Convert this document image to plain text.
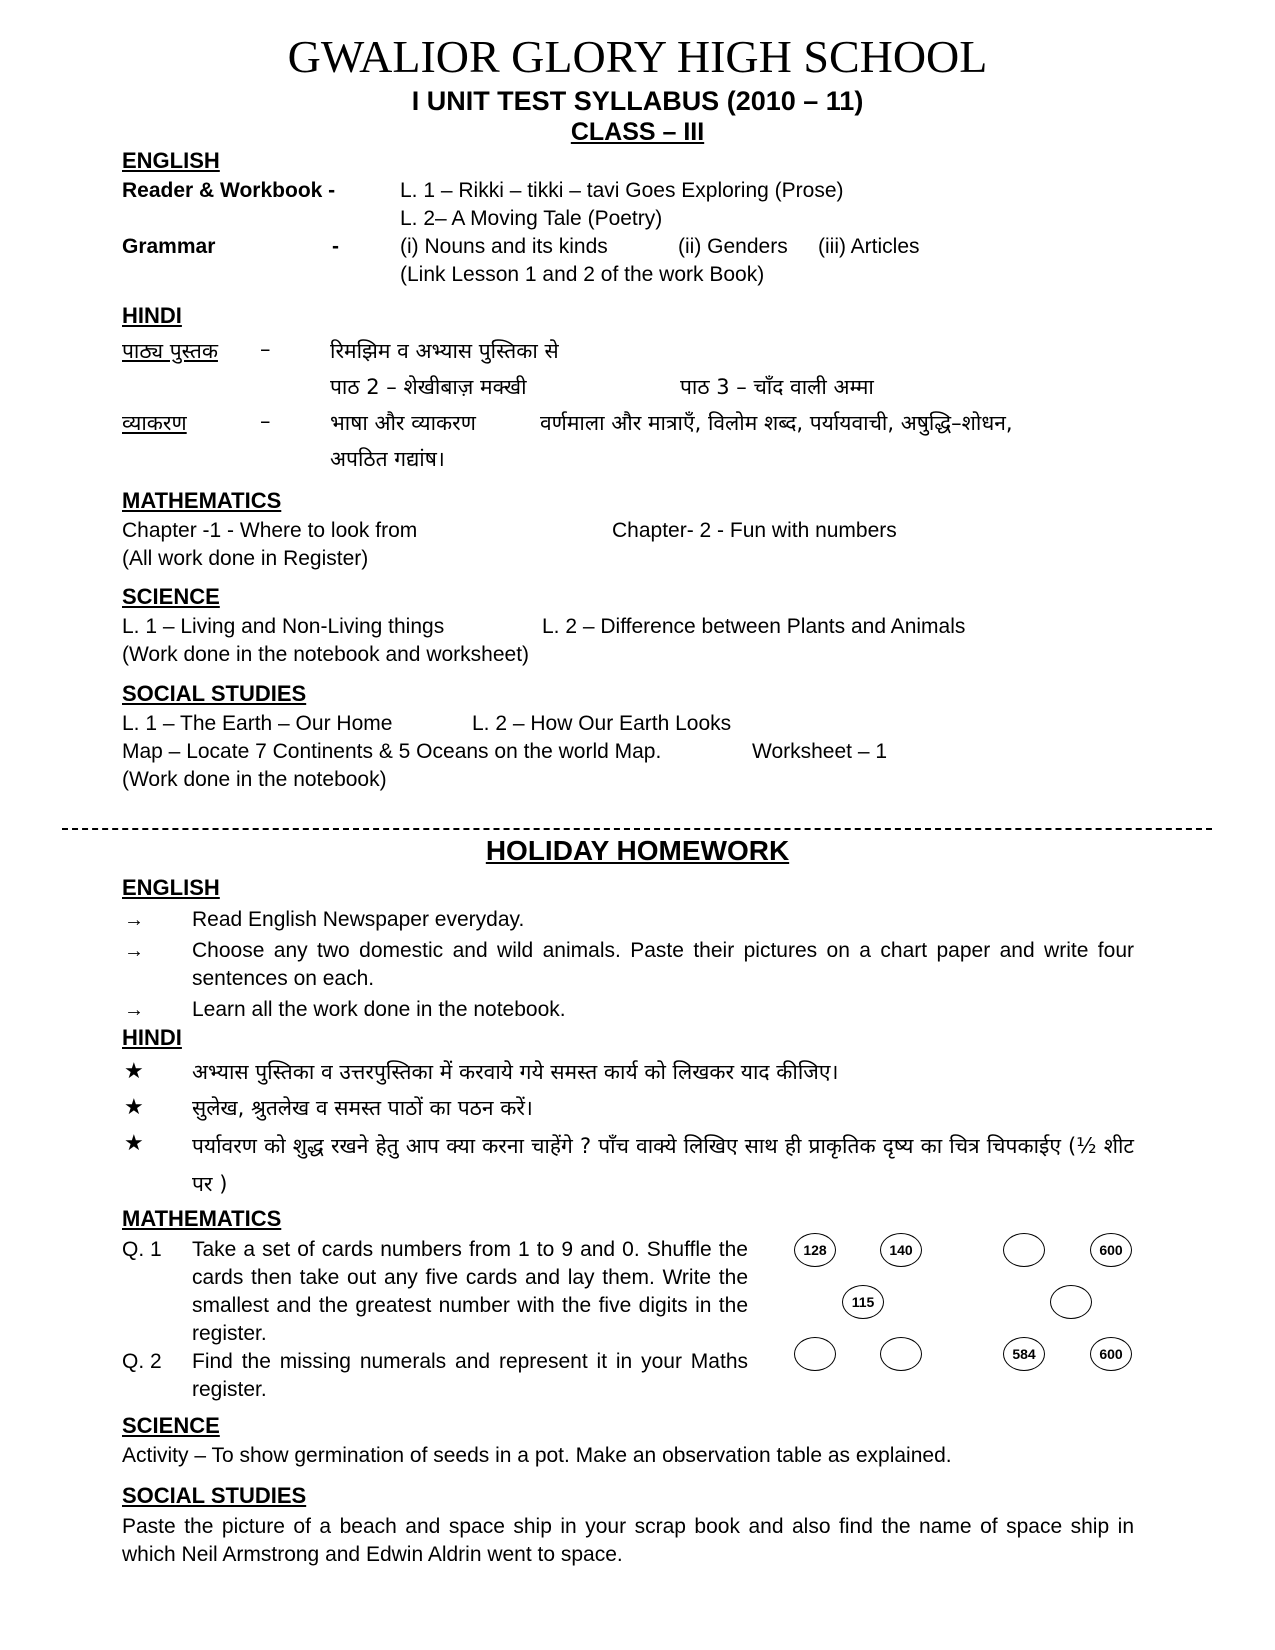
GWALIOR GLORY HIGH SCHOOL
I UNIT TEST SYLLABUS (2010 – 11)
CLASS – III
ENGLISH
Reader & Workbook -	L. 1 – Rikki – tikki – tavi Goes Exploring (Prose)
L. 2– A Moving Tale (Poetry)
Grammar	-	(i) Nouns and its kinds	(ii) Genders (iii) Articles
(Link Lesson 1 and 2 of the work Book)
HINDI
पाठ्य पुस्तक –	रिमझिम व अभ्यास पुस्तिका से
पाठ 2 – शेखीबाज़ मक्खी	पाठ 3 – चाँद वाली अम्मा
व्याकरण	–	भाषा और व्याकरण	वर्णमाला और मात्राएँ, विलोम शब्द, पर्यायवाची, अषुद्धि–शोधन,
अपठित गद्यांष।
MATHEMATICS
Chapter -1 - Where to look from	Chapter- 2 - Fun with numbers
(All work done in Register)
SCIENCE
L. 1 – Living and Non-Living things	L. 2 – Difference between Plants and Animals
(Work done in the notebook and worksheet)
SOCIAL STUDIES
L. 1 – The Earth – Our Home	L. 2 – How Our Earth Looks
Map – Locate 7 Continents & 5 Oceans on the world Map.	Worksheet – 1
(Work done in the notebook)
HOLIDAY HOMEWORK
ENGLISH
→ Read English Newspaper everyday.
→ Choose any two domestic and wild animals. Paste their pictures on a chart paper and write four sentences on each.
→ Learn all the work done in the notebook.
HINDI
★ अभ्यास पुस्तिका व उत्तरपुस्तिका में करवाये गये समस्त कार्य को लिखकर याद कीजिए।
★ सुलेख, श्रुतलेख व समस्त पाठों का पठन करें।
★ पर्यावरण को शुद्ध रखने हेतु आप क्या करना चाहेंगे ? पाँच वाक्ये लिखिए साथ ही प्राकृतिक दृष्य का चित्र चिपकाईए (½ शीट पर )
MATHEMATICS
Q. 1 Take a set of cards numbers from 1 to 9 and 0. Shuffle the cards then take out any five cards and lay them. Write the smallest and the greatest number with the five digits in the register.
Q. 2 Find the missing numerals and represent it in your Maths register.
128	140	600
115
584	600
SCIENCE
Activity – To show germination of seeds in a pot. Make an observation table as explained.
SOCIAL STUDIES
Paste the picture of a beach and space ship in your scrap book and also find the name of space ship in which Neil Armstrong and Edwin Aldrin went to space.
